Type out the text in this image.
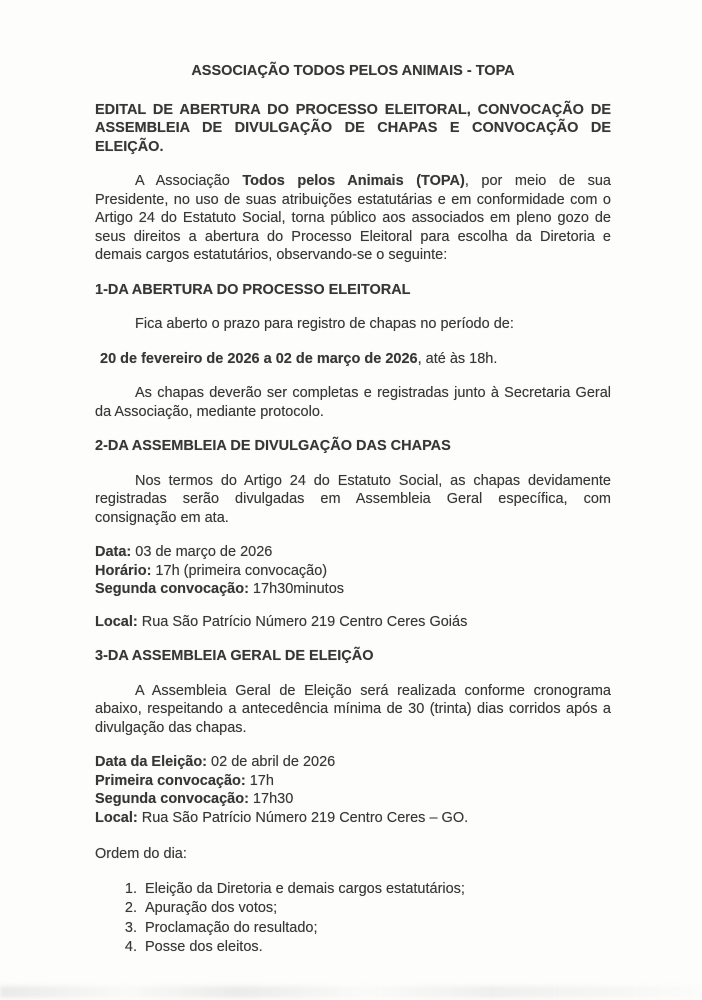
ASSOCIAÇÃO TODOS PELOS ANIMAIS - TOPA

EDITAL DE ABERTURA DO PROCESSO ELEITORAL, CONVOCAÇÃO DE ASSEMBLEIA DE DIVULGAÇÃO DE CHAPAS E CONVOCAÇÃO DE ELEIÇÃO.

A Associação Todos pelos Animais (TOPA), por meio de sua Presidente, no uso de suas atribuições estatutárias e em conformidade com o Artigo 24 do Estatuto Social, torna público aos associados em pleno gozo de seus direitos a abertura do Processo Eleitoral para escolha da Diretoria e demais cargos estatutários, observando-se o seguinte:

1-DA ABERTURA DO PROCESSO ELEITORAL

Fica aberto o prazo para registro de chapas no período de:

20 de fevereiro de 2026 a 02 de março de 2026, até às 18h.

As chapas deverão ser completas e registradas junto à Secretaria Geral da Associação, mediante protocolo.

2-DA ASSEMBLEIA DE DIVULGAÇÃO DAS CHAPAS

Nos termos do Artigo 24 do Estatuto Social, as chapas devidamente registradas serão divulgadas em Assembleia Geral específica, com consignação em ata.

Data: 03 de março de 2026

Horário: 17h (primeira convocação)

Segunda convocação: 17h30minutos

Local: Rua São Patrício Número 219 Centro Ceres Goiás

3-DA ASSEMBLEIA GERAL DE ELEIÇÃO

A Assembleia Geral de Eleição será realizada conforme cronograma abaixo, respeitando a antecedência mínima de 30 (trinta) dias corridos após a divulgação das chapas.

Data da Eleição: 02 de abril de 2026

Primeira convocação: 17h

Segunda convocação: 17h30

Local: Rua São Patrício Número 219 Centro Ceres – GO.

Ordem do dia:

1. Eleição da Diretoria e demais cargos estatutários;
2. Apuração dos votos;
3. Proclamação do resultado;
4. Posse dos eleitos.
